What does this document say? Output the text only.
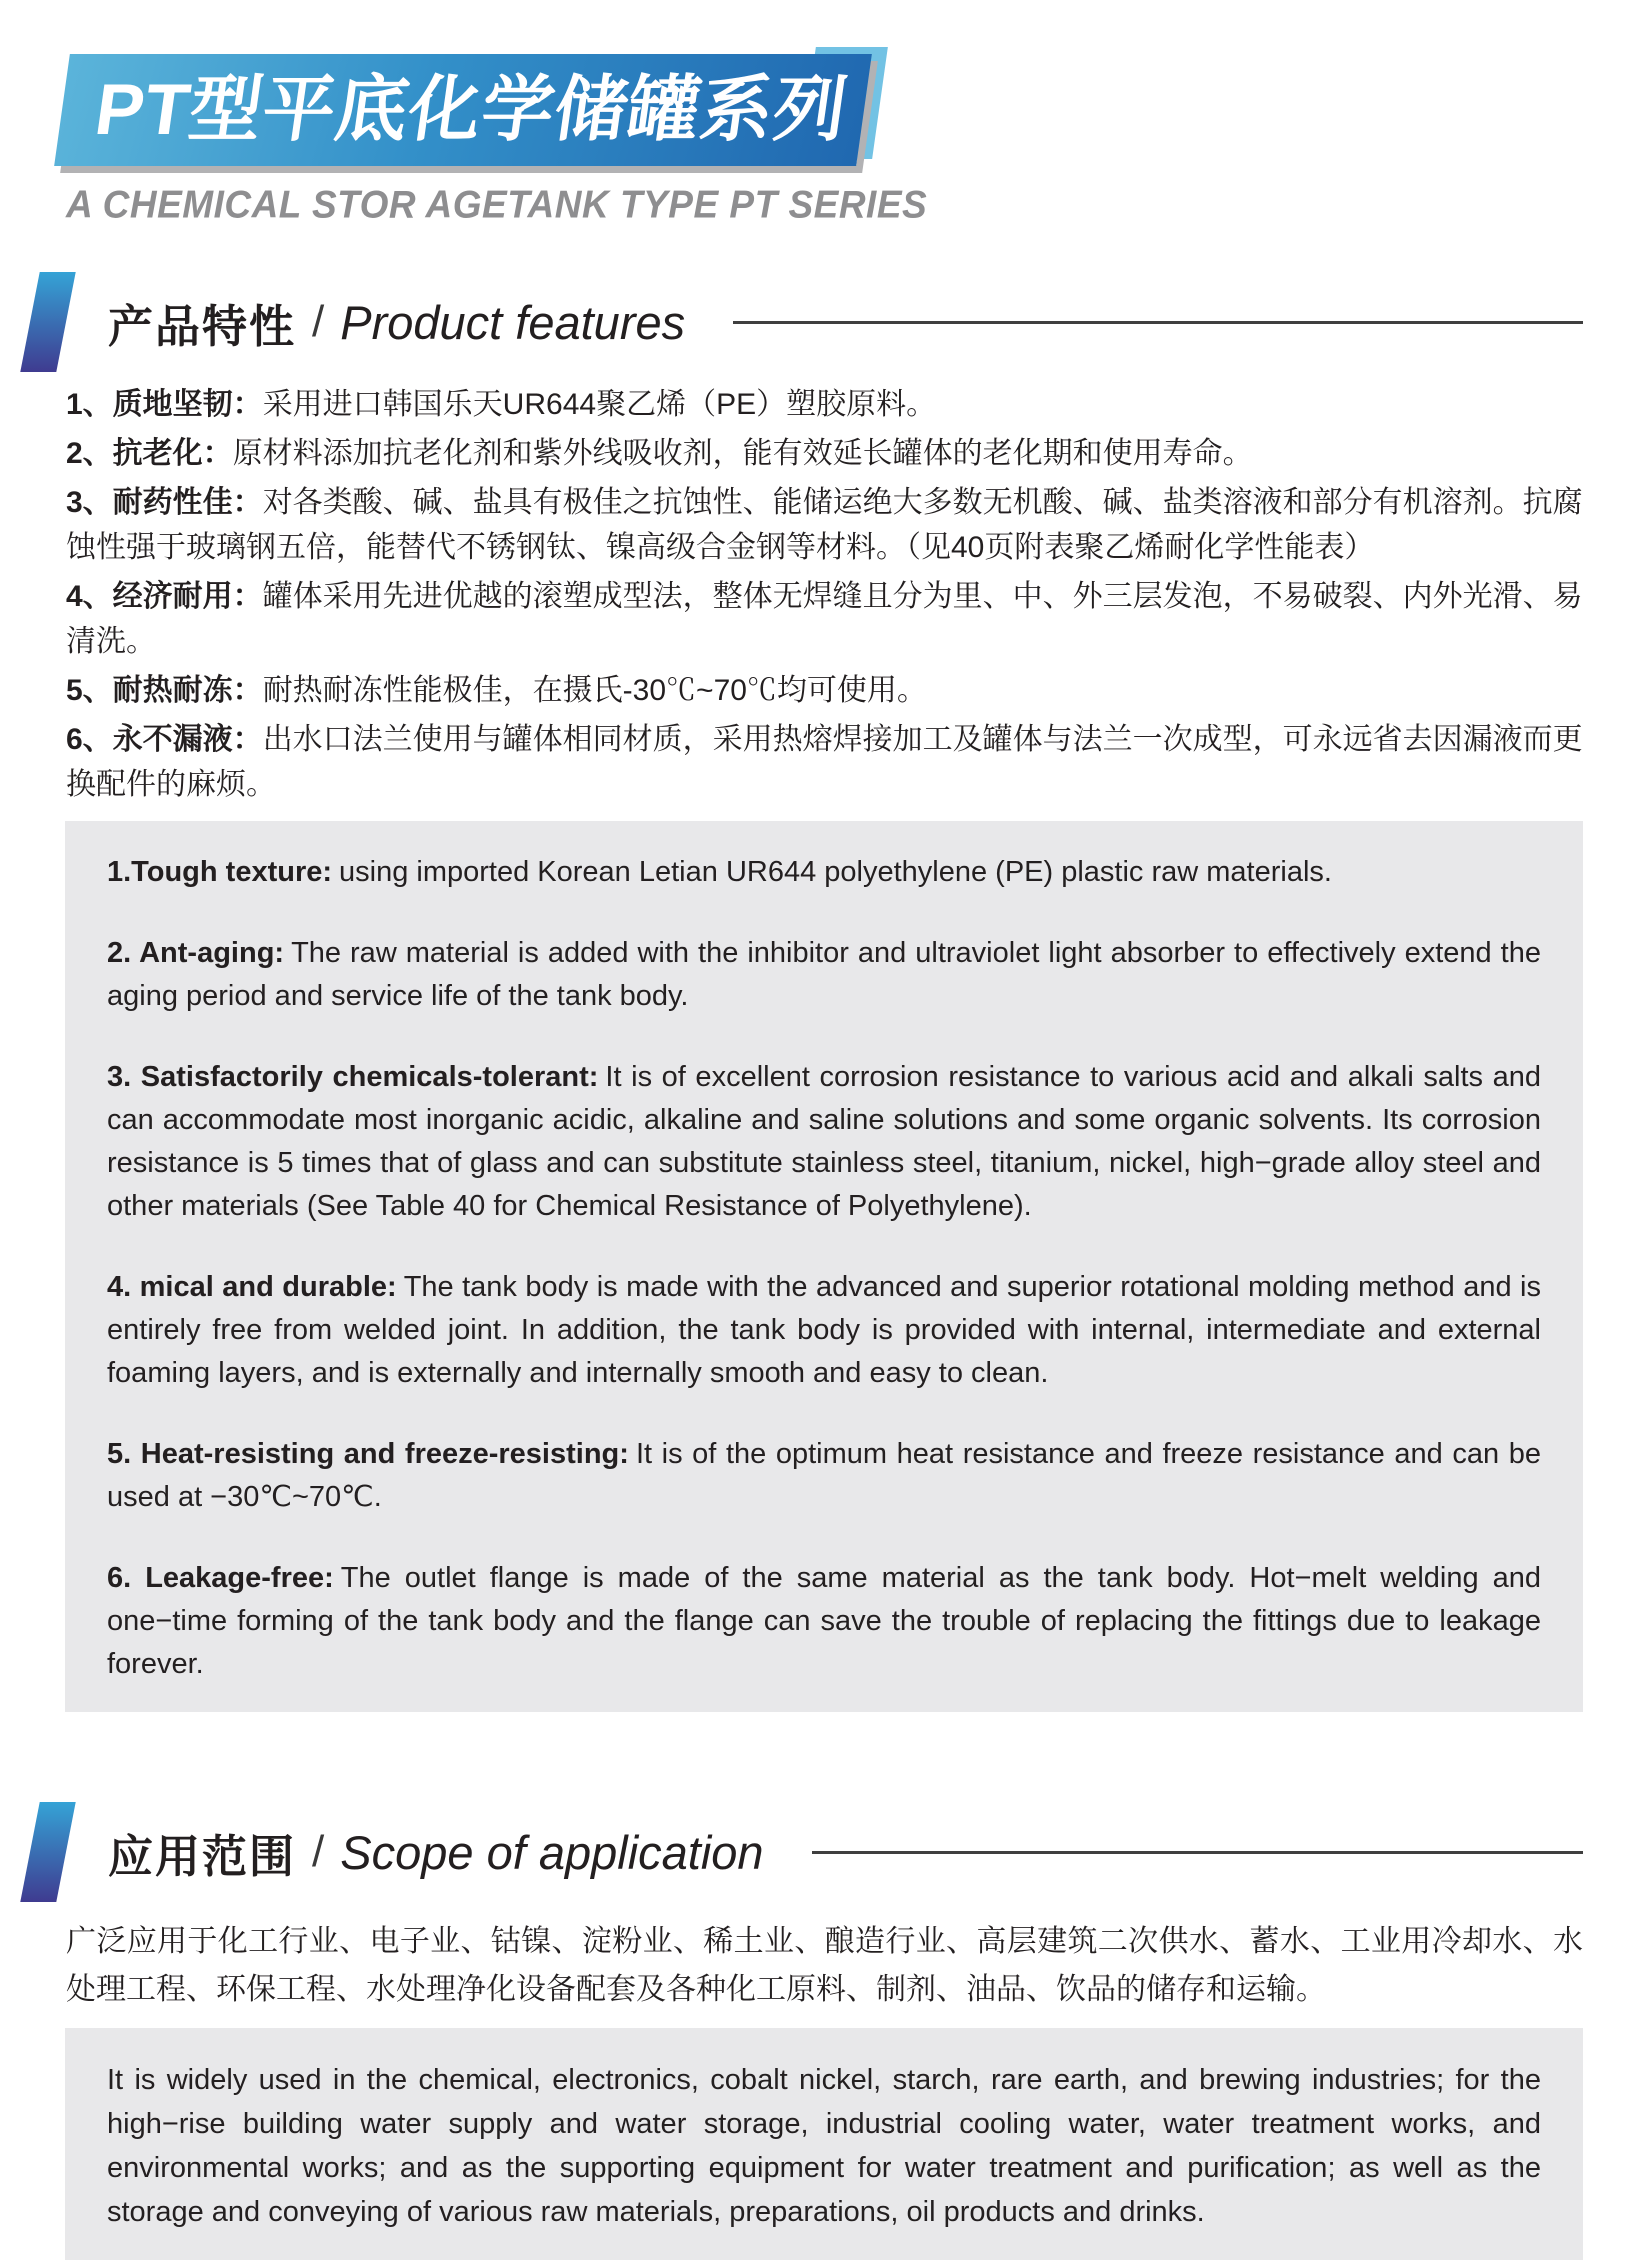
PT型平底化学储罐系列
A CHEMICAL STOR AGETANK TYPE PT SERIES
产品特性 / Product features
1、质地坚韧：采用进口韩国乐天UR644聚乙烯（PE）塑胶原料。
2、抗老化：原材料添加抗老化剂和紫外线吸收剂，能有效延长罐体的老化期和使用寿命。
3、耐药性佳：对各类酸、碱、盐具有极佳之抗蚀性、能储运绝大多数无机酸、碱、盐类溶液和部分有机溶剂。抗腐蚀性强于玻璃钢五倍，能替代不锈钢钛、镍高级合金钢等材料。（见40页附表聚乙烯耐化学性能表）
4、经济耐用：罐体采用先进优越的滚塑成型法，整体无焊缝且分为里、中、外三层发泡，不易破裂、内外光滑、易清洗。
5、耐热耐冻：耐热耐冻性能极佳，在摄氏-30℃~70℃均可使用。
6、永不漏液：出水口法兰使用与罐体相同材质，采用热熔焊接加工及罐体与法兰一次成型，可永远省去因漏液而更换配件的麻烦。

1.Tough texture: using imported Korean Letian UR644 polyethylene (PE) plastic raw materials.

2. Ant-aging: The raw material is added with the inhibitor and ultraviolet light absorber to effectively extend the aging period and service life of the tank body.

3. Satisfactorily chemicals-tolerant: It is of excellent corrosion resistance to various acid and alkali salts and can accommodate most inorganic acidic, alkaline and saline solutions and some organic solvents. Its corrosion resistance is 5 times that of glass and can substitute stainless steel, titanium, nickel, high−grade alloy steel and other materials (See Table 40 for Chemical Resistance of Polyethylene).

4. mical and durable: The tank body is made with the advanced and superior rotational molding method and is entirely free from welded joint. In addition, the tank body is provided with internal, intermediate and external foaming layers, and is externally and internally smooth and easy to clean.

5. Heat-resisting and freeze-resisting: It is of the optimum heat resistance and freeze resistance and can be used at −30℃~70℃.

6. Leakage-free: The outlet flange is made of the same material as the tank body. Hot−melt welding and one−time forming of the tank body and the flange can save the trouble of replacing the fittings due to leakage forever.

应用范围 / Scope of application
广泛应用于化工行业、电子业、钴镍、淀粉业、稀土业、酿造行业、高层建筑二次供水、蓄水、工业用冷却水、水处理工程、环保工程、水处理净化设备配套及各种化工原料、制剂、油品、饮品的储存和运输。

It is widely used in the chemical, electronics, cobalt nickel, starch, rare earth, and brewing industries; for the high−rise building water supply and water storage, industrial cooling water, water treatment works, and environmental works; and as the supporting equipment for water treatment and purification; as well as the storage and conveying of various raw materials, preparations, oil products and drinks.
